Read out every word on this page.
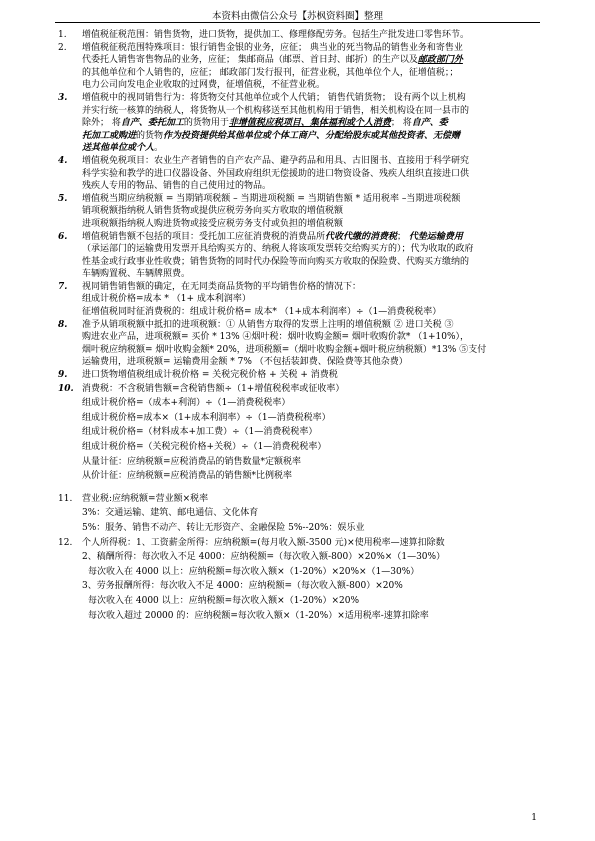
本资料由微信公众号【苏枫资料圈】整理
1.	增值税征税范围：销售货物，进口货物，提供加工、修理修配劳务。包括生产批发进口零售环节。
2.	增值税征税范围特殊项目：银行销售金银的业务，应征； 典当业的死当物品的销售业务和寄售业
代委托人销售寄售物品的业务，应征； 集邮商品（邮票、首日封、邮折）的生产以及邮政部门外
的其他单位和个人销售的，应征； 邮政部门发行报刊，征营业税，其他单位个人，征增值税；；
电力公司向发电企业收取的过网费，征增值税，不征营业税。
3.	增值税中的视同销售行为：将货物交付其他单位或个人代销； 销售代销货物； 设有两个以上机构
并实行统一核算的纳税人，将货物从一个机构移送至其他机构用于销售，相关机构设在同一县市的
除外； 将自产、委托加工的货物用于非增值税应税项目、集体福利或个人消费； 将自产、委
托加工或购进的货物作为投资提供给其他单位或个体工商户、分配给股东或其他投资者、无偿赠
送其他单位或个人。
4.	增值税免税项目：农业生产者销售的自产农产品、避孕药品和用具、古旧图书、直接用于科学研究
科学实验和教学的进口仪器设备、外国政府组织无偿援助的进口物资设备、残疾人组织直接进口供
残疾人专用的物品、销售的自己使用过的物品。
5.	增值税当期应纳税额 = 当期销项税额 – 当期进项税额 = 当期销售额 * 适用税率 –当期进项税额
销项税额指纳税人销售货物或提供应税劳务向买方收取的增值税额
进项税额指纳税人购进货物或接受应税劳务支付或负担的增值税额
6.	增值税销售额不包括的项目：受托加工应征消费税的消费品所代收代缴的消费税； 代垫运输费用
（承运部门的运输费用发票开具给购买方的、纳税人将该项发票转交给购买方的）；代为收取的政府
性基金或行政事业性收费；销售货物的同时代办保险等而向购买方收取的保险费、代购买方缴纳的
车辆购置税、车辆牌照费。
7.	视同销售销售额的确定，在无同类商品货物的平均销售价格的情况下：
组成计税价格=成本 * （1+ 成本利润率）
征增值税同时征消费税的：组成计税价格= 成本* （1+成本利润率）÷（1—消费税税率）
8.	准予从销项税额中抵扣的进项税额：① 从销售方取得的发票上注明的增值税额 ② 进口关税 ③
购进农业产品，进项税额= 买价 * 13% ④烟叶税：烟叶收购金额= 烟叶收购价款* （1+10%），
烟叶税应纳税额= 烟叶收购金额* 20%，进项税额=（烟叶收购金额+烟叶税应纳税额）*13% ⑤支付
运输费用，进项税额= 运输费用金额 * 7% （不包括装卸费、保险费等其他杂费）
9.	进口货物增值税组成计税价格 = 关税完税价格 + 关税 + 消费税
10. 消费税：不含税销售额=含税销售额÷（1+增值税税率或征收率）
组成计税价格=（成本+利润）÷（1—消费税税率）
组成计税价格=成本×（1+成本利润率）÷（1—消费税税率）
组成计税价格=（材料成本+加工费）÷（1—消费税税率）
组成计税价格=（关税完税价格+关税）÷（1—消费税税率）
从量计征：应纳税额=应税消费品的销售数量*定额税率
从价计征：应纳税额=应税消费品的销售额*比例税率
11.	营业税:应纳税额=营业额×税率
3%：交通运输、建筑、邮电通信、文化体育
5%：服务、销售不动产、转让无形资产、金融保险 5%--20%：娱乐业
12.	个人所得税：1、工资薪金所得：应纳税额=(每月收入额-3500 元)×使用税率—速算扣除数
2、稿酬所得：每次收入不足 4000：应纳税额=（每次收入额-800）×20%×（1—30%）
每次收入在 4000 以上：应纳税额=每次收入额×（1-20%）×20%×（1—30%）
3、劳务报酬所得：每次收入不足 4000：应纳税额=（每次收入额-800）×20%
每次收入在 4000 以上：应纳税额=每次收入额×（1-20%）×20%
每次收入超过 20000 的：应纳税额=每次收入额×（1-20%）×适用税率-速算扣除率
1
